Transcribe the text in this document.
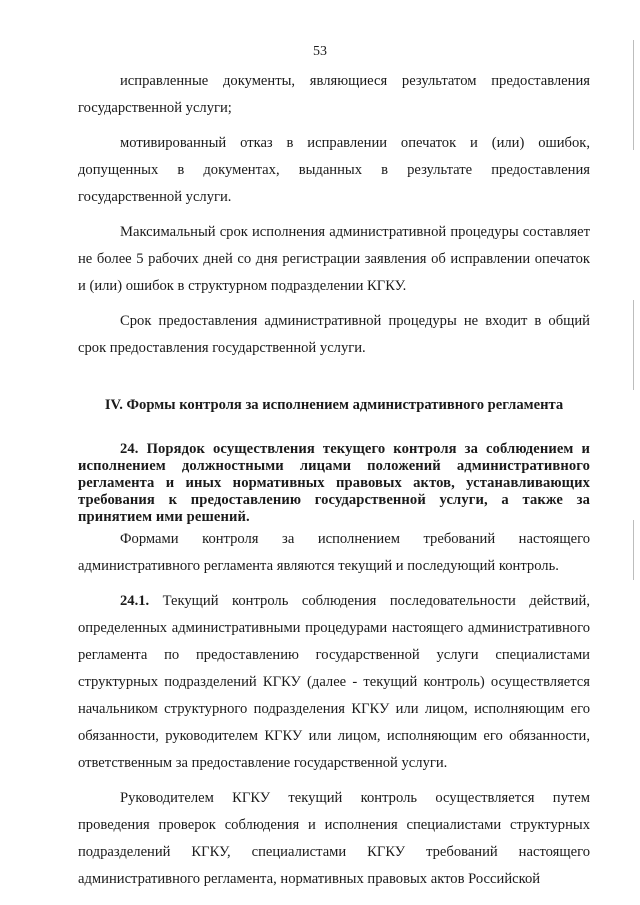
53

исправленные документы, являющиеся результатом предоставления государственной услуги;

мотивированный отказ в исправлении опечаток и (или) ошибок, допущенных в документах, выданных в результате предоставления государственной услуги.

Максимальный срок исполнения административной процедуры составляет не более 5 рабочих дней со дня регистрации заявления об исправлении опечаток и (или) ошибок в структурном подразделении КГКУ.

Срок предоставления административной процедуры не входит в общий срок предоставления государственной услуги.

IV. Формы контроля за исполнением административного регламента
24. Порядок осуществления текущего контроля за соблюдением и исполнением должностными лицами положений административного регламента и иных нормативных правовых актов, устанавливающих требования к предоставлению государственной услуги, а также за принятием ими решений.

Формами контроля за исполнением требований настоящего административного регламента являются текущий и последующий контроль.

24.1. Текущий контроль соблюдения последовательности действий, определенных административными процедурами настоящего административного регламента по предоставлению государственной услуги специалистами структурных подразделений КГКУ (далее - текущий контроль) осуществляется начальником структурного подразделения КГКУ или лицом, исполняющим его обязанности, руководителем КГКУ или лицом, исполняющим его обязанности, ответственным за предоставление государственной услуги.

Руководителем КГКУ текущий контроль осуществляется путем проведения проверок соблюдения и исполнения специалистами структурных подразделений КГКУ, специалистами КГКУ требований настоящего административного регламента, нормативных правовых актов Российской
